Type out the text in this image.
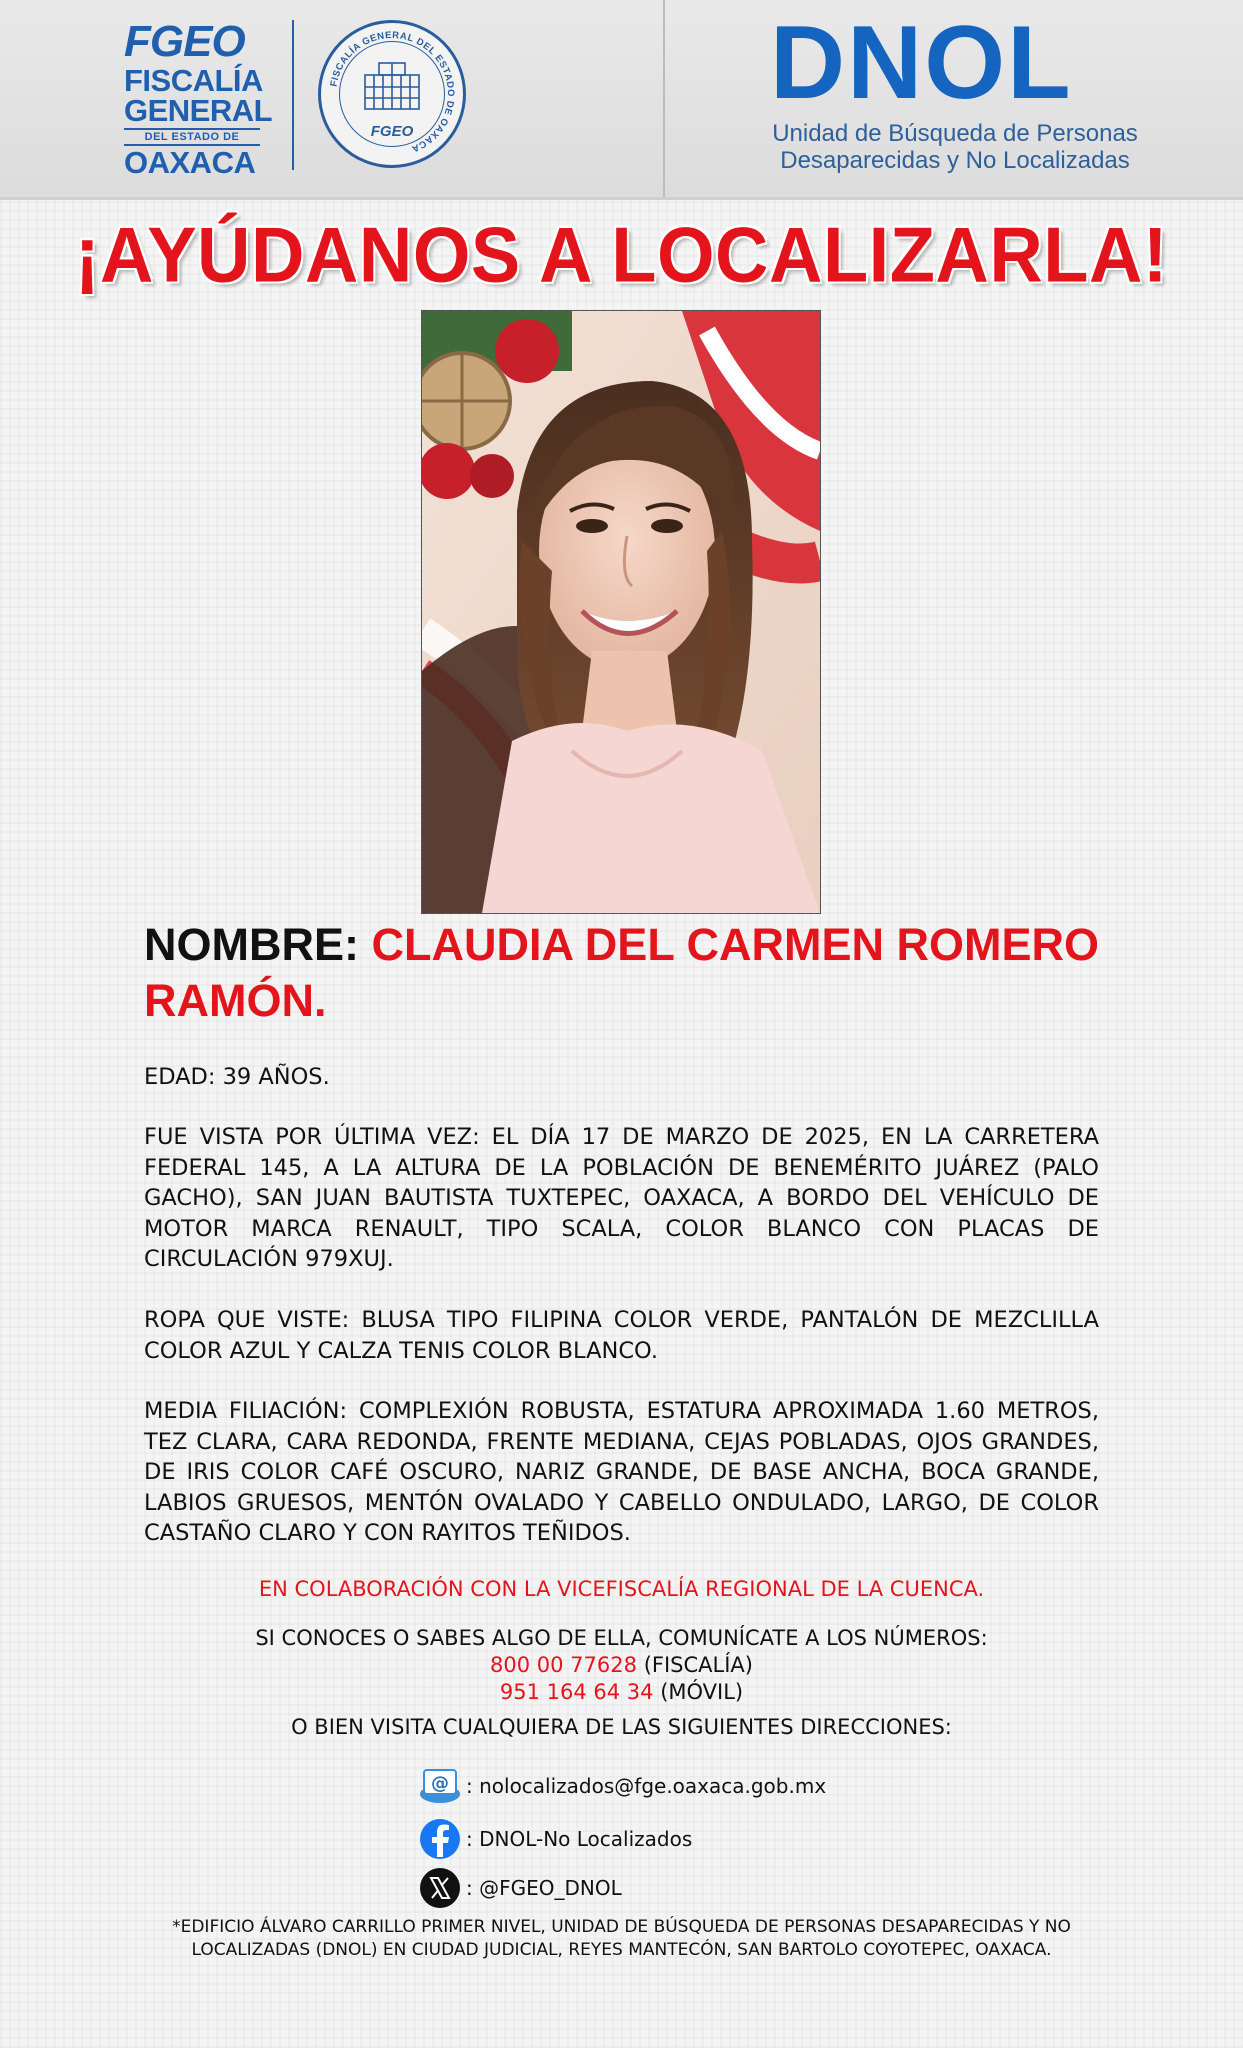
FGEO
FISCALÍA
GENERAL
DEL ESTADO DE
OAXACA
FISCALÍA GENERAL DEL ESTADO DE OAXACA
FGEO
DNOL
Unidad de Búsqueda de Personas
Desaparecidas y No Localizadas
¡AYÚDANOS A LOCALIZARLA!
NOMBRE: CLAUDIA DEL CARMEN ROMERO RAMÓN.
EDAD: 39 AÑOS.
FUE VISTA POR ÚLTIMA VEZ: EL DÍA 17 DE MARZO DE 2025, EN LA CARRETERA FEDERAL 145, A LA ALTURA DE LA POBLACIÓN DE BENEMÉRITO JUÁREZ (PALO GACHO), SAN JUAN BAUTISTA TUXTEPEC, OAXACA, A BORDO DEL VEHÍCULO DE MOTOR MARCA RENAULT, TIPO SCALA, COLOR BLANCO CON PLACAS DE CIRCULACIÓN 979XUJ.
ROPA QUE VISTE: BLUSA TIPO FILIPINA COLOR VERDE, PANTALÓN DE MEZCLILLA COLOR AZUL Y CALZA TENIS COLOR BLANCO.
MEDIA FILIACIÓN: COMPLEXIÓN ROBUSTA, ESTATURA APROXIMADA 1.60 METROS, TEZ CLARA, CARA REDONDA, FRENTE MEDIANA, CEJAS POBLADAS, OJOS GRANDES, DE IRIS COLOR CAFÉ OSCURO, NARIZ GRANDE, DE BASE ANCHA, BOCA GRANDE, LABIOS GRUESOS, MENTÓN OVALADO Y CABELLO ONDULADO, LARGO, DE COLOR CASTAÑO CLARO Y CON RAYITOS TEÑIDOS.
EN COLABORACIÓN CON LA VICEFISCALÍA REGIONAL DE LA CUENCA.
SI CONOCES O SABES ALGO DE ELLA, COMUNÍCATE A LOS NÚMEROS:
800 00 77628 (FISCALÍA)
951 164 64 34 (MÓVIL)
O BIEN VISITA CUALQUIERA DE LAS SIGUIENTES DIRECCIONES:
@ : nolocalizados@fge.oaxaca.gob.mx
: DNOL-No Localizados
: @FGEO_DNOL
*EDIFICIO ÁLVARO CARRILLO PRIMER NIVEL, UNIDAD DE BÚSQUEDA DE PERSONAS DESAPARECIDAS Y NO LOCALIZADAS (DNOL) EN CIUDAD JUDICIAL, REYES MANTECÓN, SAN BARTOLO COYOTEPEC, OAXACA.
